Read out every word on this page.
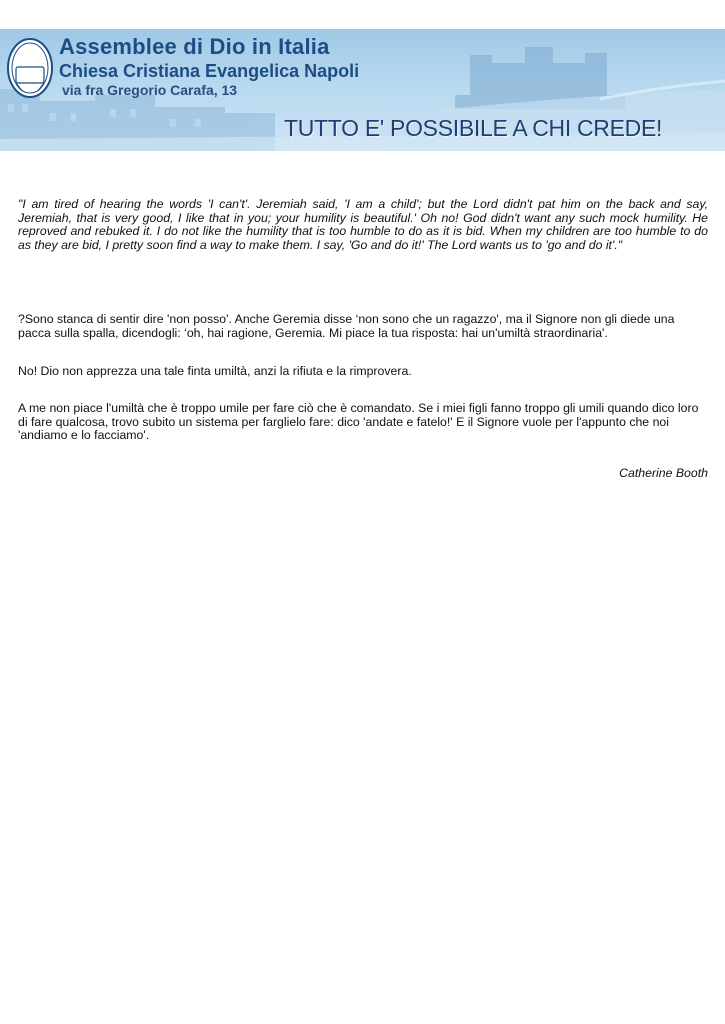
Assemblee di Dio in Italia
Chiesa Cristiana Evangelica Napoli
via fra Gregorio Carafa, 13
TUTTO E' POSSIBILE A CHI CREDE!

"I am tired of hearing the words 'I can't'. Jeremiah said, 'I am a child'; but the Lord didn't pat him on the back and say, Jeremiah, that is very good, I like that in you; your humility is beautiful.' Oh no! God didn't want any such mock humility. He reproved and rebuked it. I do not like the humility that is too humble to do as it is bid. When my children are too humble to do as they are bid, I pretty soon find a way to make them. I say, 'Go and do it!' The Lord wants us to 'go and do it'."

?Sono stanca di sentir dire 'non posso'. Anche Geremia disse ‘non sono che un ragazzo', ma il Signore non gli diede una pacca sulla spalla, dicendogli: ‘oh, hai ragione, Geremia. Mi piace la tua risposta: hai un'umiltà straordinaria'.

No! Dio non apprezza una tale finta umiltà, anzi la rifiuta e la rimprovera.

A me non piace l'umiltà che è troppo umile per fare ciò che è comandato. Se i miei figli fanno troppo gli umili quando dico loro di fare qualcosa, trovo subito un sistema per farglielo fare: dico 'andate e fatelo!' E il Signore vuole per l'appunto che noi 'andiamo e lo facciamo'.

Catherine Booth
